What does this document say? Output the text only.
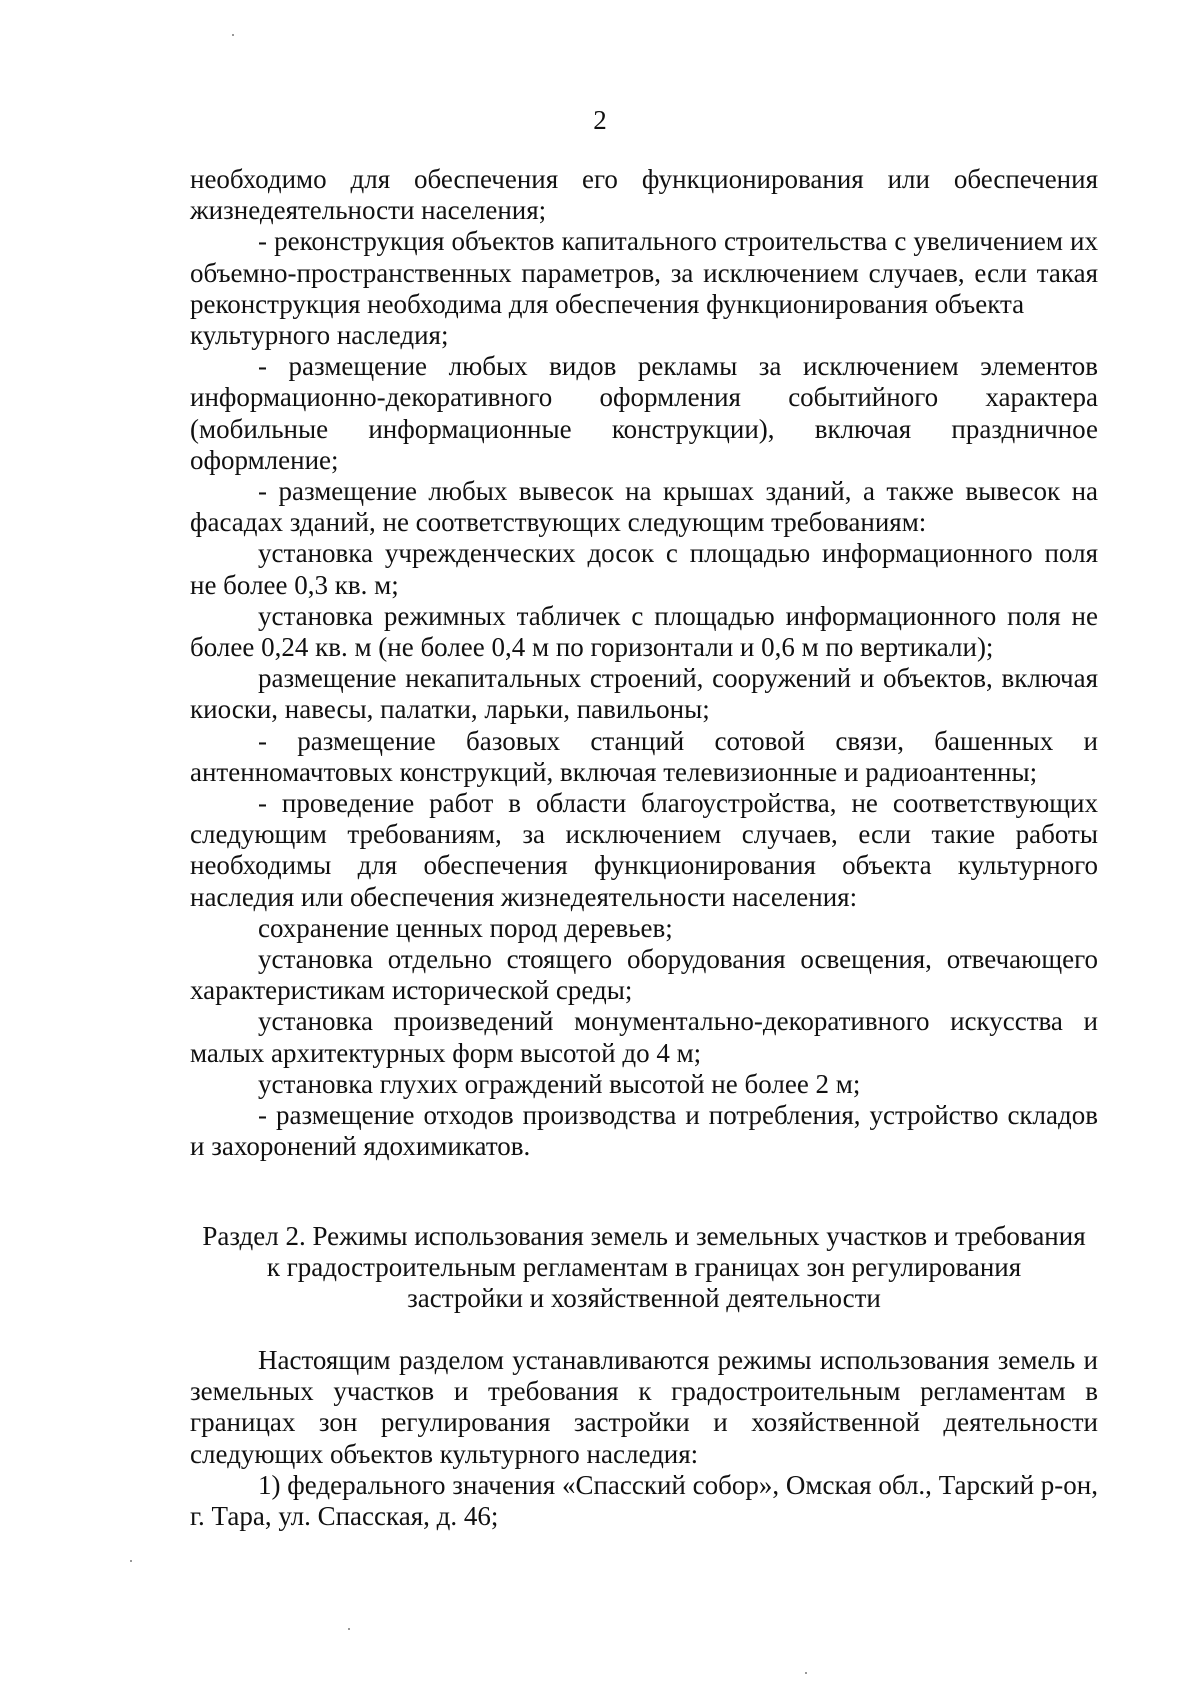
2

необходимо для обеспечения его функционирования или обеспечения жизнедеятельности населения;

- реконструкция объектов капитального строительства с увеличением их объемно-пространственных параметров, за исключением случаев, если такая реконструкция необходима для обеспечения функционирования объекта

культурного наследия;

- размещение любых видов рекламы за исключением элементов информационно-декоративного оформления событийного характера (мобильные информационные конструкции), включая праздничное оформление;

- размещение любых вывесок на крышах зданий, а также вывесок на фасадах зданий, не соответствующих следующим требованиям:

установка учрежденческих досок с площадью информационного поля не более 0,3 кв. м;

установка режимных табличек с площадью информационного поля не более 0,24 кв. м (не более 0,4 м по горизонтали и 0,6 м по вертикали);

размещение некапитальных строений, сооружений и объектов, включая киоски, навесы, палатки, ларьки, павильоны;

- размещение базовых станций сотовой связи, башенных и антенномачтовых конструкций, включая телевизионные и радиоантенны;

- проведение работ в области благоустройства, не соответствующих следующим требованиям, за исключением случаев, если такие работы необходимы для обеспечения функционирования объекта культурного наследия или обеспечения жизнедеятельности населения:

сохранение ценных пород деревьев;

установка отдельно стоящего оборудования освещения, отвечающего характеристикам исторической среды;

установка произведений монументально-декоративного искусства и малых архитектурных форм высотой до 4 м;

установка глухих ограждений высотой не более 2 м;

- размещение отходов производства и потребления, устройство складов и захоронений ядохимикатов.

Раздел 2. Режимы использования земель и земельных участков и требования
к градостроительным регламентам в границах зон регулирования
застройки и хозяйственной деятельности

Настоящим разделом устанавливаются режимы использования земель и земельных участков и требования к градостроительным регламентам в границах зон регулирования застройки и хозяйственной деятельности следующих объектов культурного наследия:

1) федерального значения «Спасский собор», Омская обл., Тарский р-он, г. Тара, ул. Спасская, д. 46;
